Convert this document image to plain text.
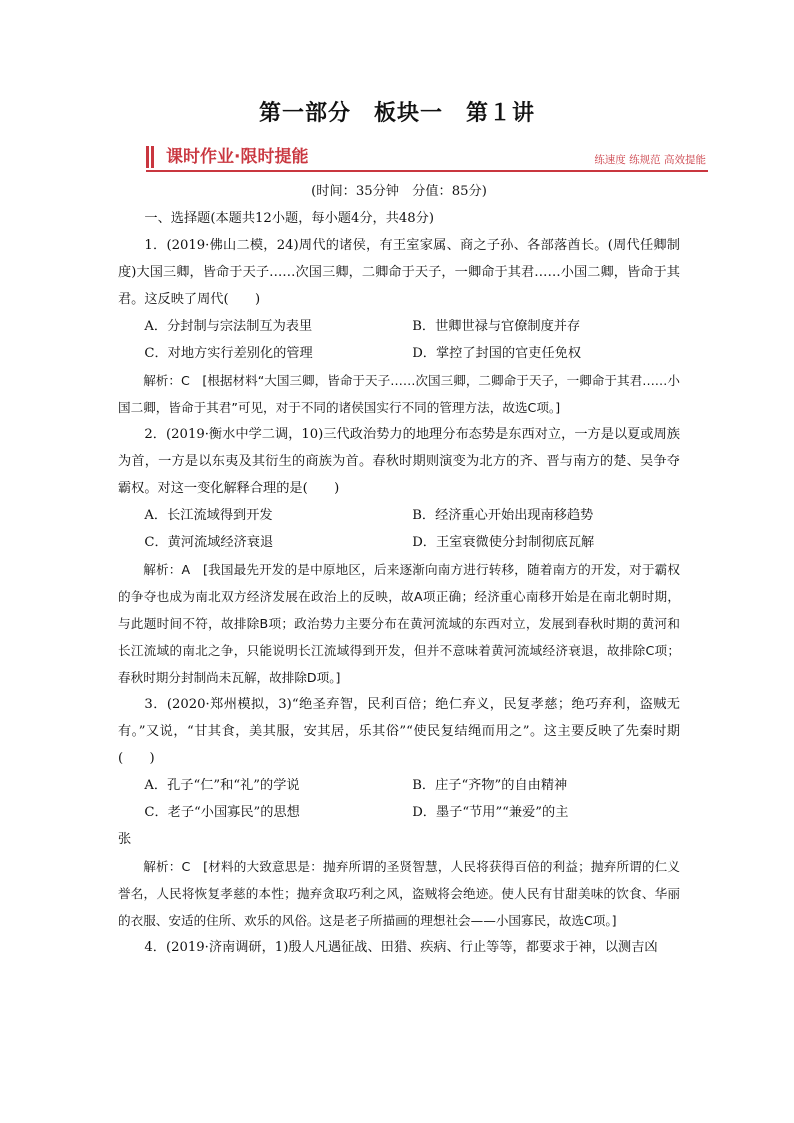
第一部分　板块一　第１讲
课时作业·限时提能	练速度 练规范 高效提能
(时间：35分钟　分值：85分)

一、选择题(本题共12小题，每小题4分，共48分)

1．(2019·佛山二模，24)周代的诸侯，有王室家属、商之子孙、各部落酋长。(周代任卿制度)大国三卿，皆命于天子……次国三卿，二卿命于天子，一卿命于其君……小国二卿，皆命于其君。这反映了周代(　　)

A．分封制与宗法制互为表里	B．世卿世禄与官僚制度并存
C．对地方实行差别化的管理	D．掌控了封国的官吏任免权

解析：C　[根据材料“大国三卿，皆命于天子……次国三卿，二卿命于天子，一卿命于其君……小国二卿，皆命于其君”可见，对于不同的诸侯国实行不同的管理方法，故选C项。]

2．(2019·衡水中学二调，10)三代政治势力的地理分布态势是东西对立，一方是以夏或周族为首，一方是以东夷及其衍生的商族为首。春秋时期则演变为北方的齐、晋与南方的楚、吴争夺霸权。对这一变化解释合理的是(　　)

A．长江流域得到开发	B．经济重心开始出现南移趋势
C．黄河流域经济衰退	D．王室衰微使分封制彻底瓦解

解析：A　[我国最先开发的是中原地区，后来逐渐向南方进行转移，随着南方的开发，对于霸权的争夺也成为南北双方经济发展在政治上的反映，故A项正确；经济重心南移开始是在南北朝时期，与此题时间不符，故排除B项；政治势力主要分布在黄河流域的东西对立，发展到春秋时期的黄河和长江流域的南北之争，只能说明长江流域得到开发，但并不意味着黄河流域经济衰退，故排除C项；春秋时期分封制尚未瓦解，故排除D项。]

3．(2020·郑州模拟，3)“绝圣弃智，民利百倍；绝仁弃义，民复孝慈；绝巧弃利，盗贼无有。”又说，“甘其食，美其服，安其居，乐其俗”“使民复结绳而用之”。这主要反映了先秦时期(　　)

A．孔子“仁”和“礼”的学说	B．庄子“齐物”的自由精神
C．老子“小国寡民”的思想	D．墨子“节用”“兼爱”的主

张

解析：C　[材料的大致意思是：抛弃所谓的圣贤智慧，人民将获得百倍的利益；抛弃所谓的仁义誉名，人民将恢复孝慈的本性；抛弃贪取巧利之风，盗贼将会绝迹。使人民有甘甜美味的饮食、华丽的衣服、安适的住所、欢乐的风俗。这是老子所描画的理想社会——小国寡民，故选C项。]

4．(2019·济南调研，1)殷人凡遇征战、田猎、疾病、行止等等，都要求于神，以测吉凶
